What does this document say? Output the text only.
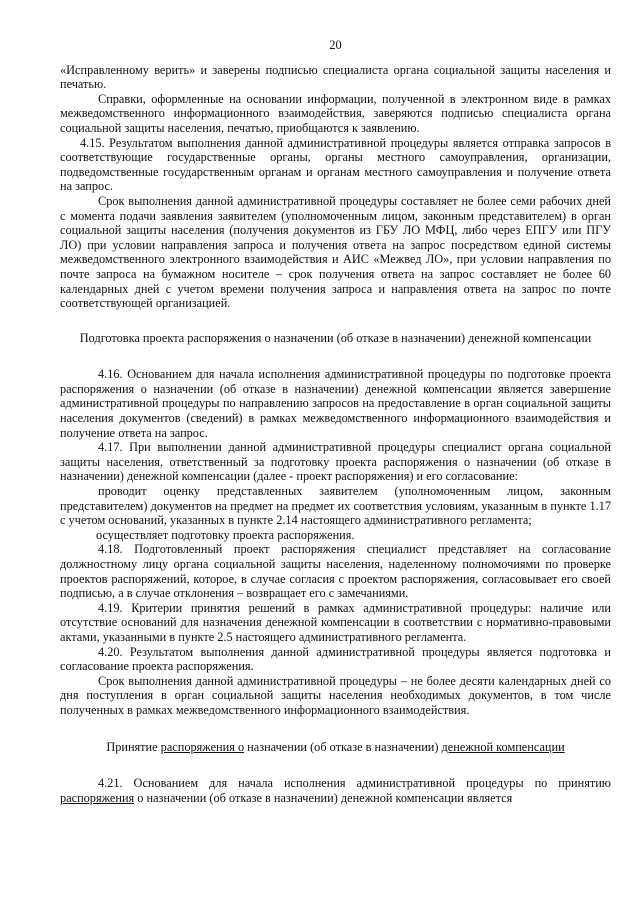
20

«Исправленному верить» и заверены подписью специалиста органа социальной защиты населения и печатью.

Справки, оформленные на основании информации, полученной в электронном виде в рамках межведомственного информационного взаимодействия, заверяются подписью специалиста органа социальной защиты населения, печатью, приобщаются к заявлению.

4.15. Результатом выполнения данной административной процедуры является отправка запросов в соответствующие государственные органы, органы местного самоуправления, организации, подведомственные государственным органам и органам местного самоуправления и получение ответа на запрос.

Срок выполнения данной административной процедуры составляет не более семи рабочих дней с момента подачи заявления заявителем (уполномоченным лицом, законным представителем) в орган социальной защиты населения (получения документов из ГБУ ЛО МФЦ, либо через ЕПГУ или ПГУ ЛО) при условии направления запроса и получения ответа на запрос посредством единой системы межведомственного электронного взаимодействия и АИС «Межвед ЛО», при условии направления по почте запроса на бумажном носителе – срок получения ответа на запрос составляет не более 60 календарных дней с учетом времени получения запроса и направления ответа на запрос по почте соответствующей организацией.

Подготовка проекта распоряжения о назначении (об отказе в назначении) денежной компенсации

4.16. Основанием для начала исполнения административной процедуры по подготовке проекта распоряжения о назначении (об отказе в назначении) денежной компенсации является завершение административной процедуры по направлению запросов на предоставление в орган социальной защиты населения документов (сведений) в рамках межведомственного информационного взаимодействия и получение ответа на запрос.

4.17. При выполнении данной административной процедуры специалист органа социальной защиты населения, ответственный за подготовку проекта распоряжения о назначении (об отказе в назначении) денежной компенсации (далее - проект распоряжения) и его согласование:

проводит оценку представленных заявителем (уполномоченным лицом, законным представителем) документов на предмет на предмет их соответствия условиям, указанным в пункте 1.17 с учетом оснований, указанных в пункте 2.14 настоящего административного регламента;

осуществляет подготовку проекта распоряжения.

4.18. Подготовленный проект распоряжения специалист представляет на согласование должностному лицу органа социальной защиты населения, наделенному полномочиями по проверке проектов распоряжений, которое, в случае согласия с проектом распоряжения, согласовывает его своей подписью, а в случае отклонения – возвращает его с замечаниями.

4.19. Критерии принятия решений в рамках административной процедуры: наличие или отсутствие оснований для назначения денежной компенсации в соответствии с нормативно-правовыми актами, указанными в пункте 2.5 настоящего административного регламента.

4.20. Результатом выполнения данной административной процедуры является подготовка и согласование проекта распоряжения.

Срок выполнения данной административной процедуры – не более десяти календарных дней со дня поступления в орган социальной защиты населения необходимых документов, в том числе полученных в рамках межведомственного информационного взаимодействия.

Принятие распоряжения о назначении (об отказе в назначении) денежной компенсации

4.21. Основанием для начала исполнения административной процедуры по принятию распоряжения о назначении (об отказе в назначении) денежной компенсации является
